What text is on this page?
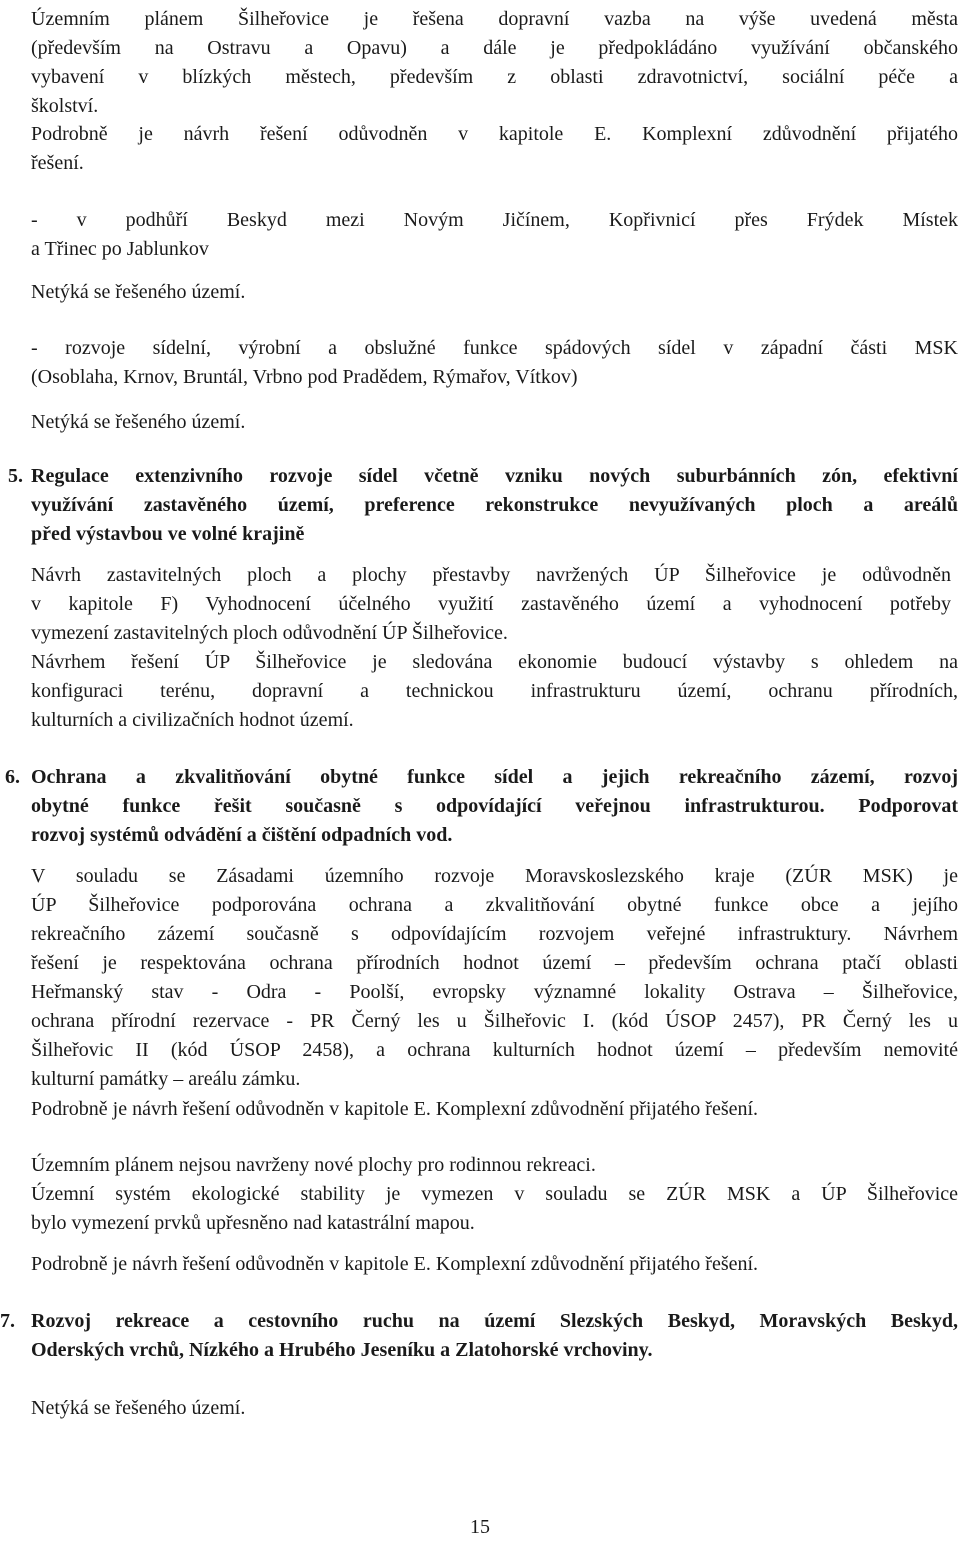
Územním plánem Šilheřovice je řešena dopravní vazba na výše uvedená města
(především na Ostravu a Opavu) a dále je předpokládáno využívání občanského
vybavení v blízkých městech, především z oblasti zdravotnictví, sociální péče a
školství.
Podrobně je návrh řešení odůvodněn v kapitole E. Komplexní zdůvodnění přijatého
řešení.
- v podhůří Beskyd mezi Novým Jičínem, Kopřivnicí přes Frýdek Místek
a Třinec po Jablunkov
Netýká se řešeného území.
- rozvoje sídelní, výrobní a obslužné funkce spádových sídel v západní části MSK
(Osoblaha, Krnov, Bruntál, Vrbno pod Pradědem, Rýmařov, Vítkov)
Netýká se řešeného území.
5. Regulace extenzivního rozvoje sídel včetně vzniku nových suburbánních zón, efektivní
využívání zastavěného území, preference rekonstrukce nevyužívaných ploch a areálů
před výstavbou ve volné krajině
Návrh zastavitelných ploch a plochy přestavby navržených ÚP Šilheřovice je odůvodněn
v kapitole F) Vyhodnocení účelného využití zastavěného území a vyhodnocení potřeby
vymezení zastavitelných ploch odůvodnění ÚP Šilheřovice.
Návrhem řešení ÚP Šilheřovice je sledována ekonomie budoucí výstavby s ohledem na
konfiguraci terénu, dopravní a technickou infrastrukturu území, ochranu přírodních,
kulturních a civilizačních hodnot území.
6. Ochrana a zkvalitňování obytné funkce sídel a jejich rekreačního zázemí, rozvoj
obytné funkce řešit současně s odpovídající veřejnou infrastrukturou. Podporovat
rozvoj systémů odvádění a čištění odpadních vod.
V souladu se Zásadami územního rozvoje Moravskoslezského kraje (ZÚR MSK) je
ÚP Šilheřovice podporována ochrana a zkvalitňování obytné funkce obce a jejího
rekreačního zázemí současně s odpovídajícím rozvojem veřejné infrastruktury. Návrhem
řešení je respektována ochrana přírodních hodnot území – především ochrana ptačí oblasti
Heřmanský stav - Odra - Poolší, evropsky významné lokality Ostrava – Šilheřovice,
ochrana přírodní rezervace - PR Černý les u Šilheřovic I. (kód ÚSOP 2457), PR Černý les u
Šilheřovic II (kód ÚSOP 2458), a ochrana kulturních hodnot území – především nemovité
kulturní památky – areálu zámku.
Podrobně je návrh řešení odůvodněn v kapitole E. Komplexní zdůvodnění přijatého řešení.
Územním plánem nejsou navrženy nové plochy pro rodinnou rekreaci.
Územní systém ekologické stability je vymezen v souladu se ZÚR MSK a ÚP Šilheřovice
bylo vymezení prvků upřesněno nad katastrální mapou.
Podrobně je návrh řešení odůvodněn v kapitole E. Komplexní zdůvodnění přijatého řešení.
7. Rozvoj rekreace a cestovního ruchu na území Slezských Beskyd, Moravských Beskyd,
Oderských vrchů, Nízkého a Hrubého Jeseníku a Zlatohorské vrchoviny.
Netýká se řešeného území.
15
